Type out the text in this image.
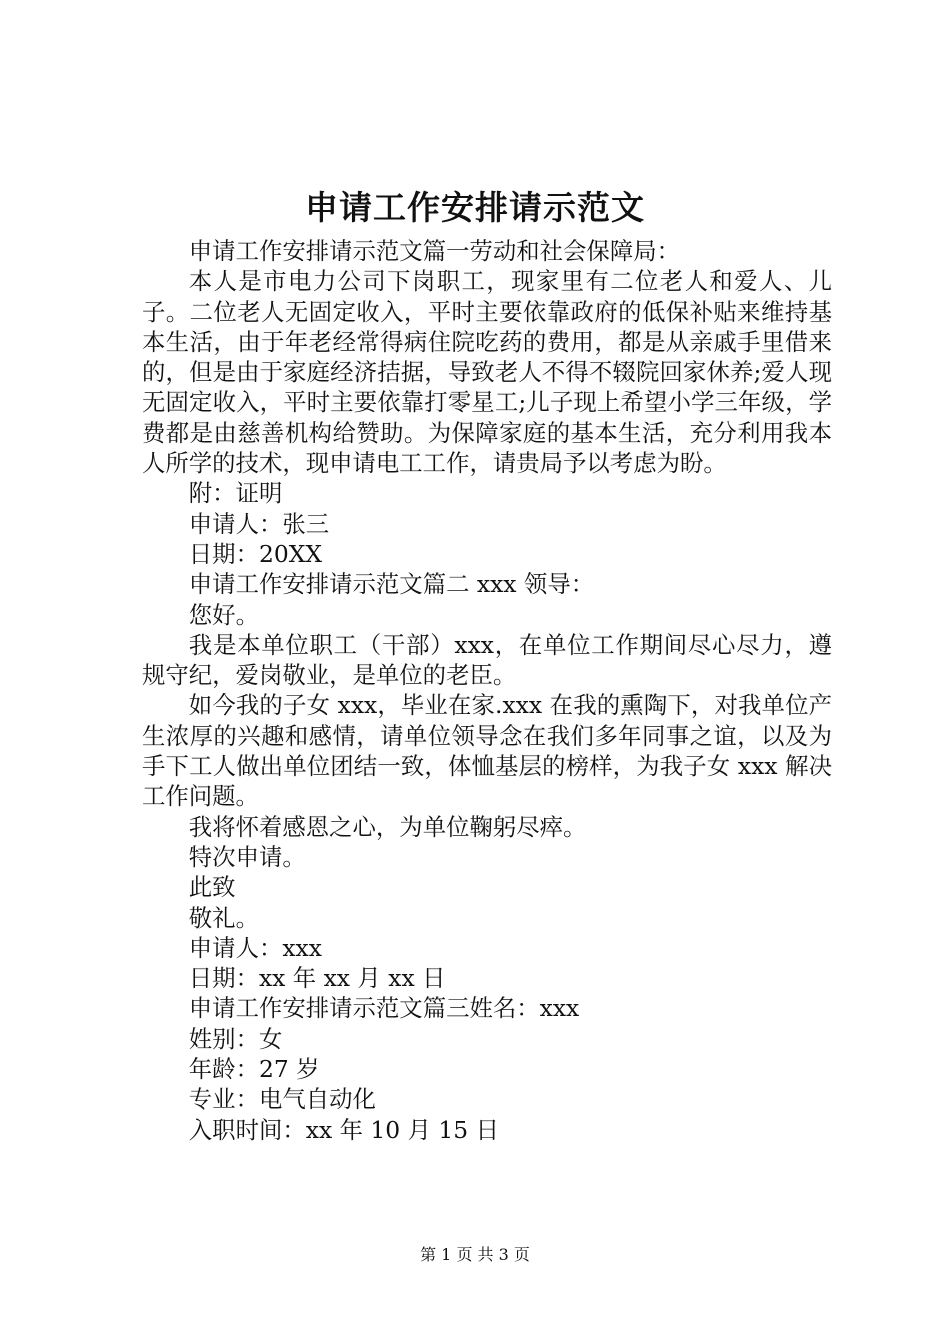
申请工作安排请示范文

申请工作安排请示范文篇一劳动和社会保障局：

本人是市电力公司下岗职工，现家里有二位老人和爱人、儿子。二位老人无固定收入，平时主要依靠政府的低保补贴来维持基本生活，由于年老经常得病住院吃药的费用，都是从亲戚手里借来的，但是由于家庭经济拮据，导致老人不得不辍院回家休养;爱人现无固定收入，平时主要依靠打零星工;儿子现上希望小学三年级，学费都是由慈善机构给赞助。为保障家庭的基本生活，充分利用我本人所学的技术，现申请电工工作，请贵局予以考虑为盼。

附：证明

申请人：张三

日期：20XX

申请工作安排请示范文篇二 xxx 领导：

您好。

我是本单位职工（干部）xxx，在单位工作期间尽心尽力，遵规守纪，爱岗敬业，是单位的老臣。

如今我的子女 xxx，毕业在家.xxx 在我的熏陶下，对我单位产生浓厚的兴趣和感情，请单位领导念在我们多年同事之谊，以及为手下工人做出单位团结一致，体恤基层的榜样，为我子女 xxx 解决工作问题。

我将怀着感恩之心，为单位鞠躬尽瘁。

特次申请。

此致

敬礼。

申请人：xxx

日期：xx 年 xx 月 xx 日

申请工作安排请示范文篇三姓名：xxx

姓别：女

年龄：27 岁

专业：电气自动化

入职时间：xx 年 10 月 15 日

第 1 页 共 3 页
